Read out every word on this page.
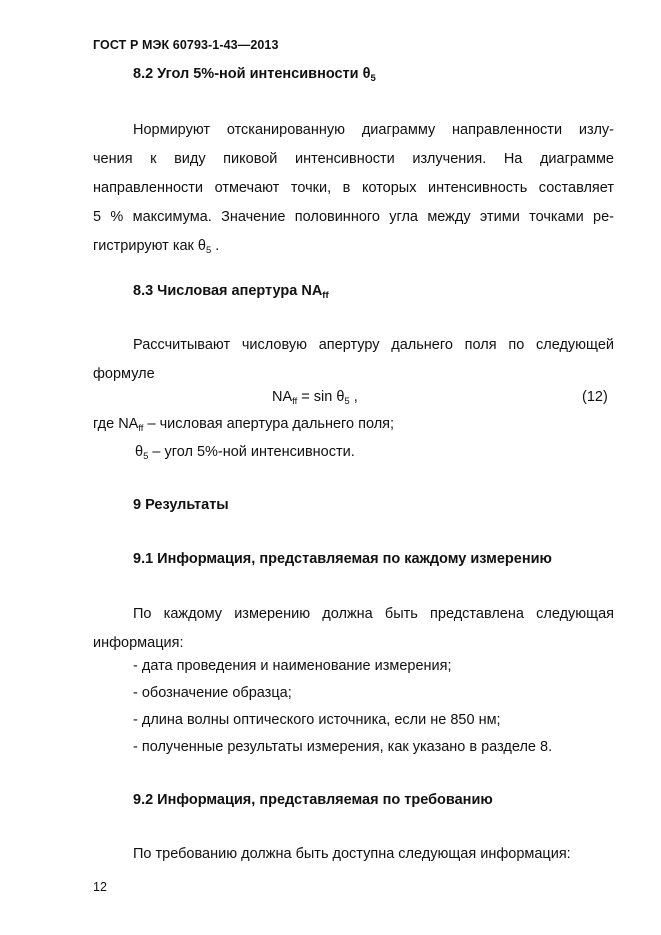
ГОСТ Р МЭК 60793-1-43—2013
8.2 Угол 5%-ной интенсивности $\theta_5$
Нормируют отсканированную диаграмму направленности излу-
чения к виду пиковой интенсивности излучения. На диаграмме
направленности отмечают точки, в которых интенсивность составляет
5 % максимума. Значение половинного угла между этими точками ре-
гистрируют как $\theta_5$ .
8.3 Числовая апертура $NA_{ff}$
Рассчитывают числовую апертуру дальнего поля по следующей
формуле
$NA_{ff} = \sin \theta_5$ ,	(12)
где $NA_{ff}$ – числовая апертура дальнего поля;
$\theta_5$ – угол 5%-ной интенсивности.
9 Результаты
9.1 Информация, представляемая по каждому измерению
По каждому измерению должна быть представлена следующая
информация:
- дата проведения и наименование измерения;
- обозначение образца;
- длина волны оптического источника, если не 850 нм;
- полученные результаты измерения, как указано в разделе 8.
9.2 Информация, представляемая по требованию
По требованию должна быть доступна следующая информация:
12
